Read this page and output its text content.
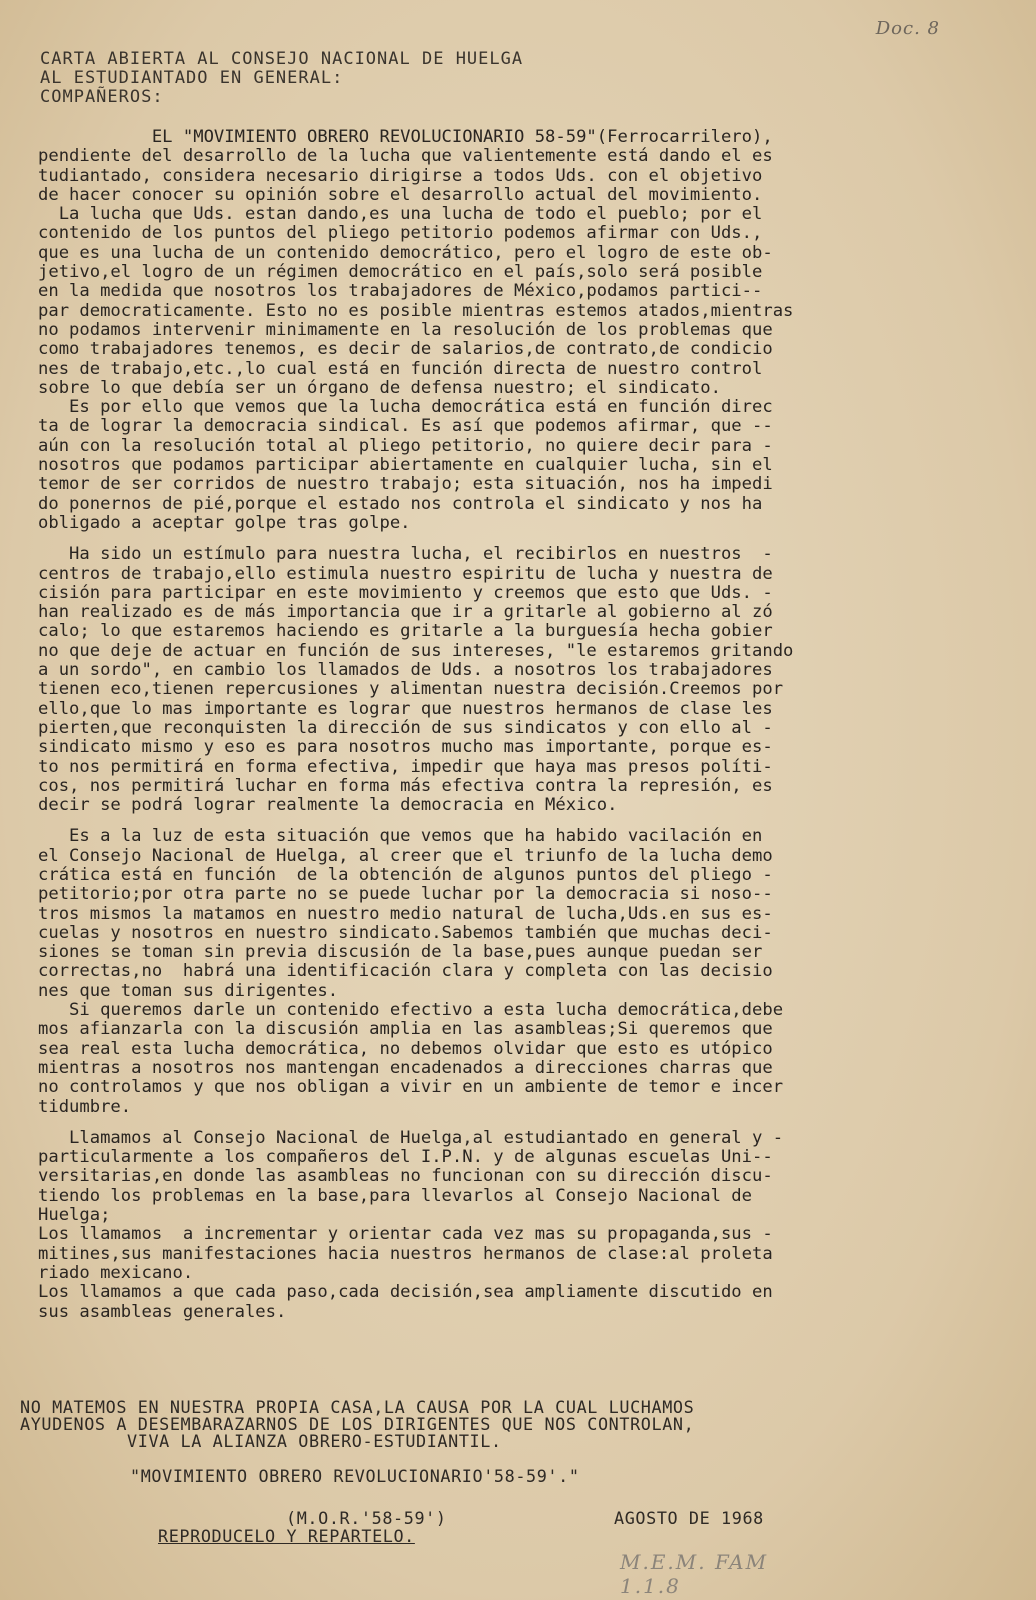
Doc. 8
CARTA ABIERTA AL CONSEJO NACIONAL DE HUELGA
AL ESTUDIANTADO EN GENERAL:
COMPAÑEROS:
EL "MOVIMIENTO OBRERO REVOLUCIONARIO 58-59"(Ferrocarrilero),
pendiente del desarrollo de la lucha que valientemente está dando el es
tudiantado, considera necesario dirigirse a todos Uds. con el objetivo
de hacer conocer su opinión sobre el desarrollo actual del movimiento.
La lucha que Uds. estan dando,es una lucha de todo el pueblo; por el
contenido de los puntos del pliego petitorio podemos afirmar con Uds.,
que es una lucha de un contenido democrático, pero el logro de este ob-
jetivo,el logro de un régimen democrático en el país,solo será posible
en la medida que nosotros los trabajadores de México,podamos partici--
par democraticamente. Esto no es posible mientras estemos atados,mientras
no podamos intervenir minimamente en la resolución de los problemas que
como trabajadores tenemos, es decir de salarios,de contrato,de condicio
nes de trabajo,etc.,lo cual está en función directa de nuestro control
sobre lo que debía ser un órgano de defensa nuestro; el sindicato.
Es por ello que vemos que la lucha democrática está en función direc
ta de lograr la democracia sindical. Es así que podemos afirmar, que --
aún con la resolución total al pliego petitorio, no quiere decir para -
nosotros que podamos participar abiertamente en cualquier lucha, sin el
temor de ser corridos de nuestro trabajo; esta situación, nos ha impedi
do ponernos de pié,porque el estado nos controla el sindicato y nos ha
obligado a aceptar golpe tras golpe.
Ha sido un estímulo para nuestra lucha, el recibirlos en nuestros  -
centros de trabajo,ello estimula nuestro espiritu de lucha y nuestra de
cisión para participar en este movimiento y creemos que esto que Uds. -
han realizado es de más importancia que ir a gritarle al gobierno al zó
calo; lo que estaremos haciendo es gritarle a la burguesía hecha gobier
no que deje de actuar en función de sus intereses, "le estaremos gritando
a un sordo", en cambio los llamados de Uds. a nosotros los trabajadores
tienen eco,tienen repercusiones y alimentan nuestra decisión.Creemos por
ello,que lo mas importante es lograr que nuestros hermanos de clase les
pierten,que reconquisten la dirección de sus sindicatos y con ello al -
sindicato mismo y eso es para nosotros mucho mas importante, porque es-
to nos permitirá en forma efectiva, impedir que haya mas presos políti-
cos, nos permitirá luchar en forma más efectiva contra la represión, es
decir se podrá lograr realmente la democracia en México.
Es a la luz de esta situación que vemos que ha habido vacilación en
el Consejo Nacional de Huelga, al creer que el triunfo de la lucha demo
crática está en función  de la obtención de algunos puntos del pliego -
petitorio;por otra parte no se puede luchar por la democracia si noso--
tros mismos la matamos en nuestro medio natural de lucha,Uds.en sus es-
cuelas y nosotros en nuestro sindicato.Sabemos también que muchas deci-
siones se toman sin previa discusión de la base,pues aunque puedan ser
correctas,no  habrá una identificación clara y completa con las decisio
nes que toman sus dirigentes.
Si queremos darle un contenido efectivo a esta lucha democrática,debe
mos afianzarla con la discusión amplia en las asambleas;Si queremos que
sea real esta lucha democrática, no debemos olvidar que esto es utópico
mientras a nosotros nos mantengan encadenados a direcciones charras que
no controlamos y que nos obligan a vivir en un ambiente de temor e incer
tidumbre.
Llamamos al Consejo Nacional de Huelga,al estudiantado en general y -
particularmente a los compañeros del I.P.N. y de algunas escuelas Uni--
versitarias,en donde las asambleas no funcionan con su dirección discu-
tiendo los problemas en la base,para llevarlos al Consejo Nacional de
Huelga;
Los llamamos  a incrementar y orientar cada vez mas su propaganda,sus -
mitines,sus manifestaciones hacia nuestros hermanos de clase:al proleta
riado mexicano.
Los llamamos a que cada paso,cada decisión,sea ampliamente discutido en
sus asambleas generales.
NO MATEMOS EN NUESTRA PROPIA CASA,LA CAUSA POR LA CUAL LUCHAMOS
AYUDENOS A DESEMBARAZARNOS DE LOS DIRIGENTES QUE NOS CONTROLAN,
VIVA LA ALIANZA OBRERO-ESTUDIANTIL.
"MOVIMIENTO OBRERO REVOLUCIONARIO'58-59'."
(M.O.R.'58-59')	AGOSTO DE 1968
REPRODUCELO Y REPARTELO.
M.E.M. FAM
1.1.8
